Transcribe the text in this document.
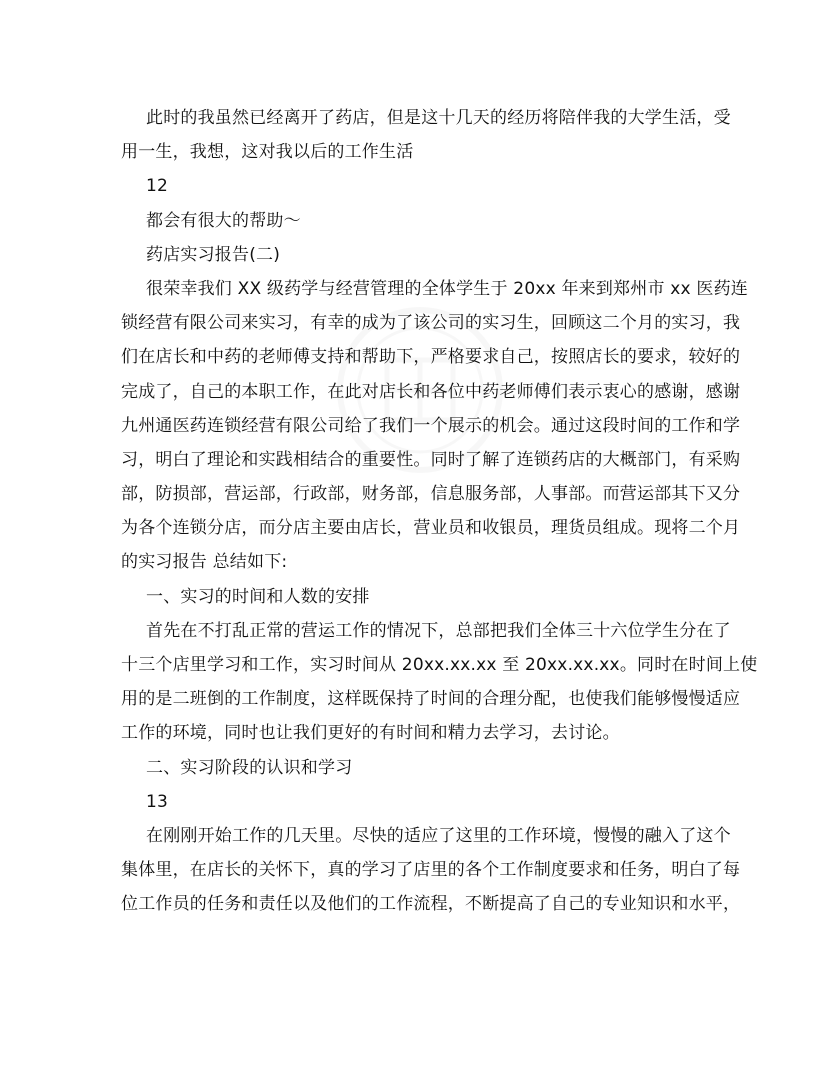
此时的我虽然已经离开了药店，但是这十几天的经历将陪伴我的大学生活，受
用一生，我想，这对我以后的工作生活
12
都会有很大的帮助～
药店实习报告(二)
很荣幸我们 XX 级药学与经营管理的全体学生于 20xx 年来到郑州市 xx 医药连
锁经营有限公司来实习，有幸的成为了该公司的实习生，回顾这二个月的实习，我
们在店长和中药的老师傅支持和帮助下，严格要求自己，按照店长的要求，较好的
完成了，自己的本职工作，在此对店长和各位中药老师傅们表示衷心的感谢，感谢
九州通医药连锁经营有限公司给了我们一个展示的机会。通过这段时间的工作和学
习，明白了理论和实践相结合的重要性。同时了解了连锁药店的大概部门，有采购
部，防损部，营运部，行政部，财务部，信息服务部，人事部。而营运部其下又分
为各个连锁分店，而分店主要由店长，营业员和收银员，理货员组成。现将二个月
的实习报告 总结如下:
一、实习的时间和人数的安排
首先在不打乱正常的营运工作的情况下，总部把我们全体三十六位学生分在了
十三个店里学习和工作，实习时间从 20xx.xx.xx 至 20xx.xx.xx。同时在时间上使
用的是二班倒的工作制度，这样既保持了时间的合理分配，也使我们能够慢慢适应
工作的环境，同时也让我们更好的有时间和精力去学习，去讨论。
二、实习阶段的认识和学习
13
在刚刚开始工作的几天里。尽快的适应了这里的工作环境，慢慢的融入了这个
集体里，在店长的关怀下，真的学习了店里的各个工作制度要求和任务，明白了每
位工作员的任务和责任以及他们的工作流程，不断提高了自己的专业知识和水平，
